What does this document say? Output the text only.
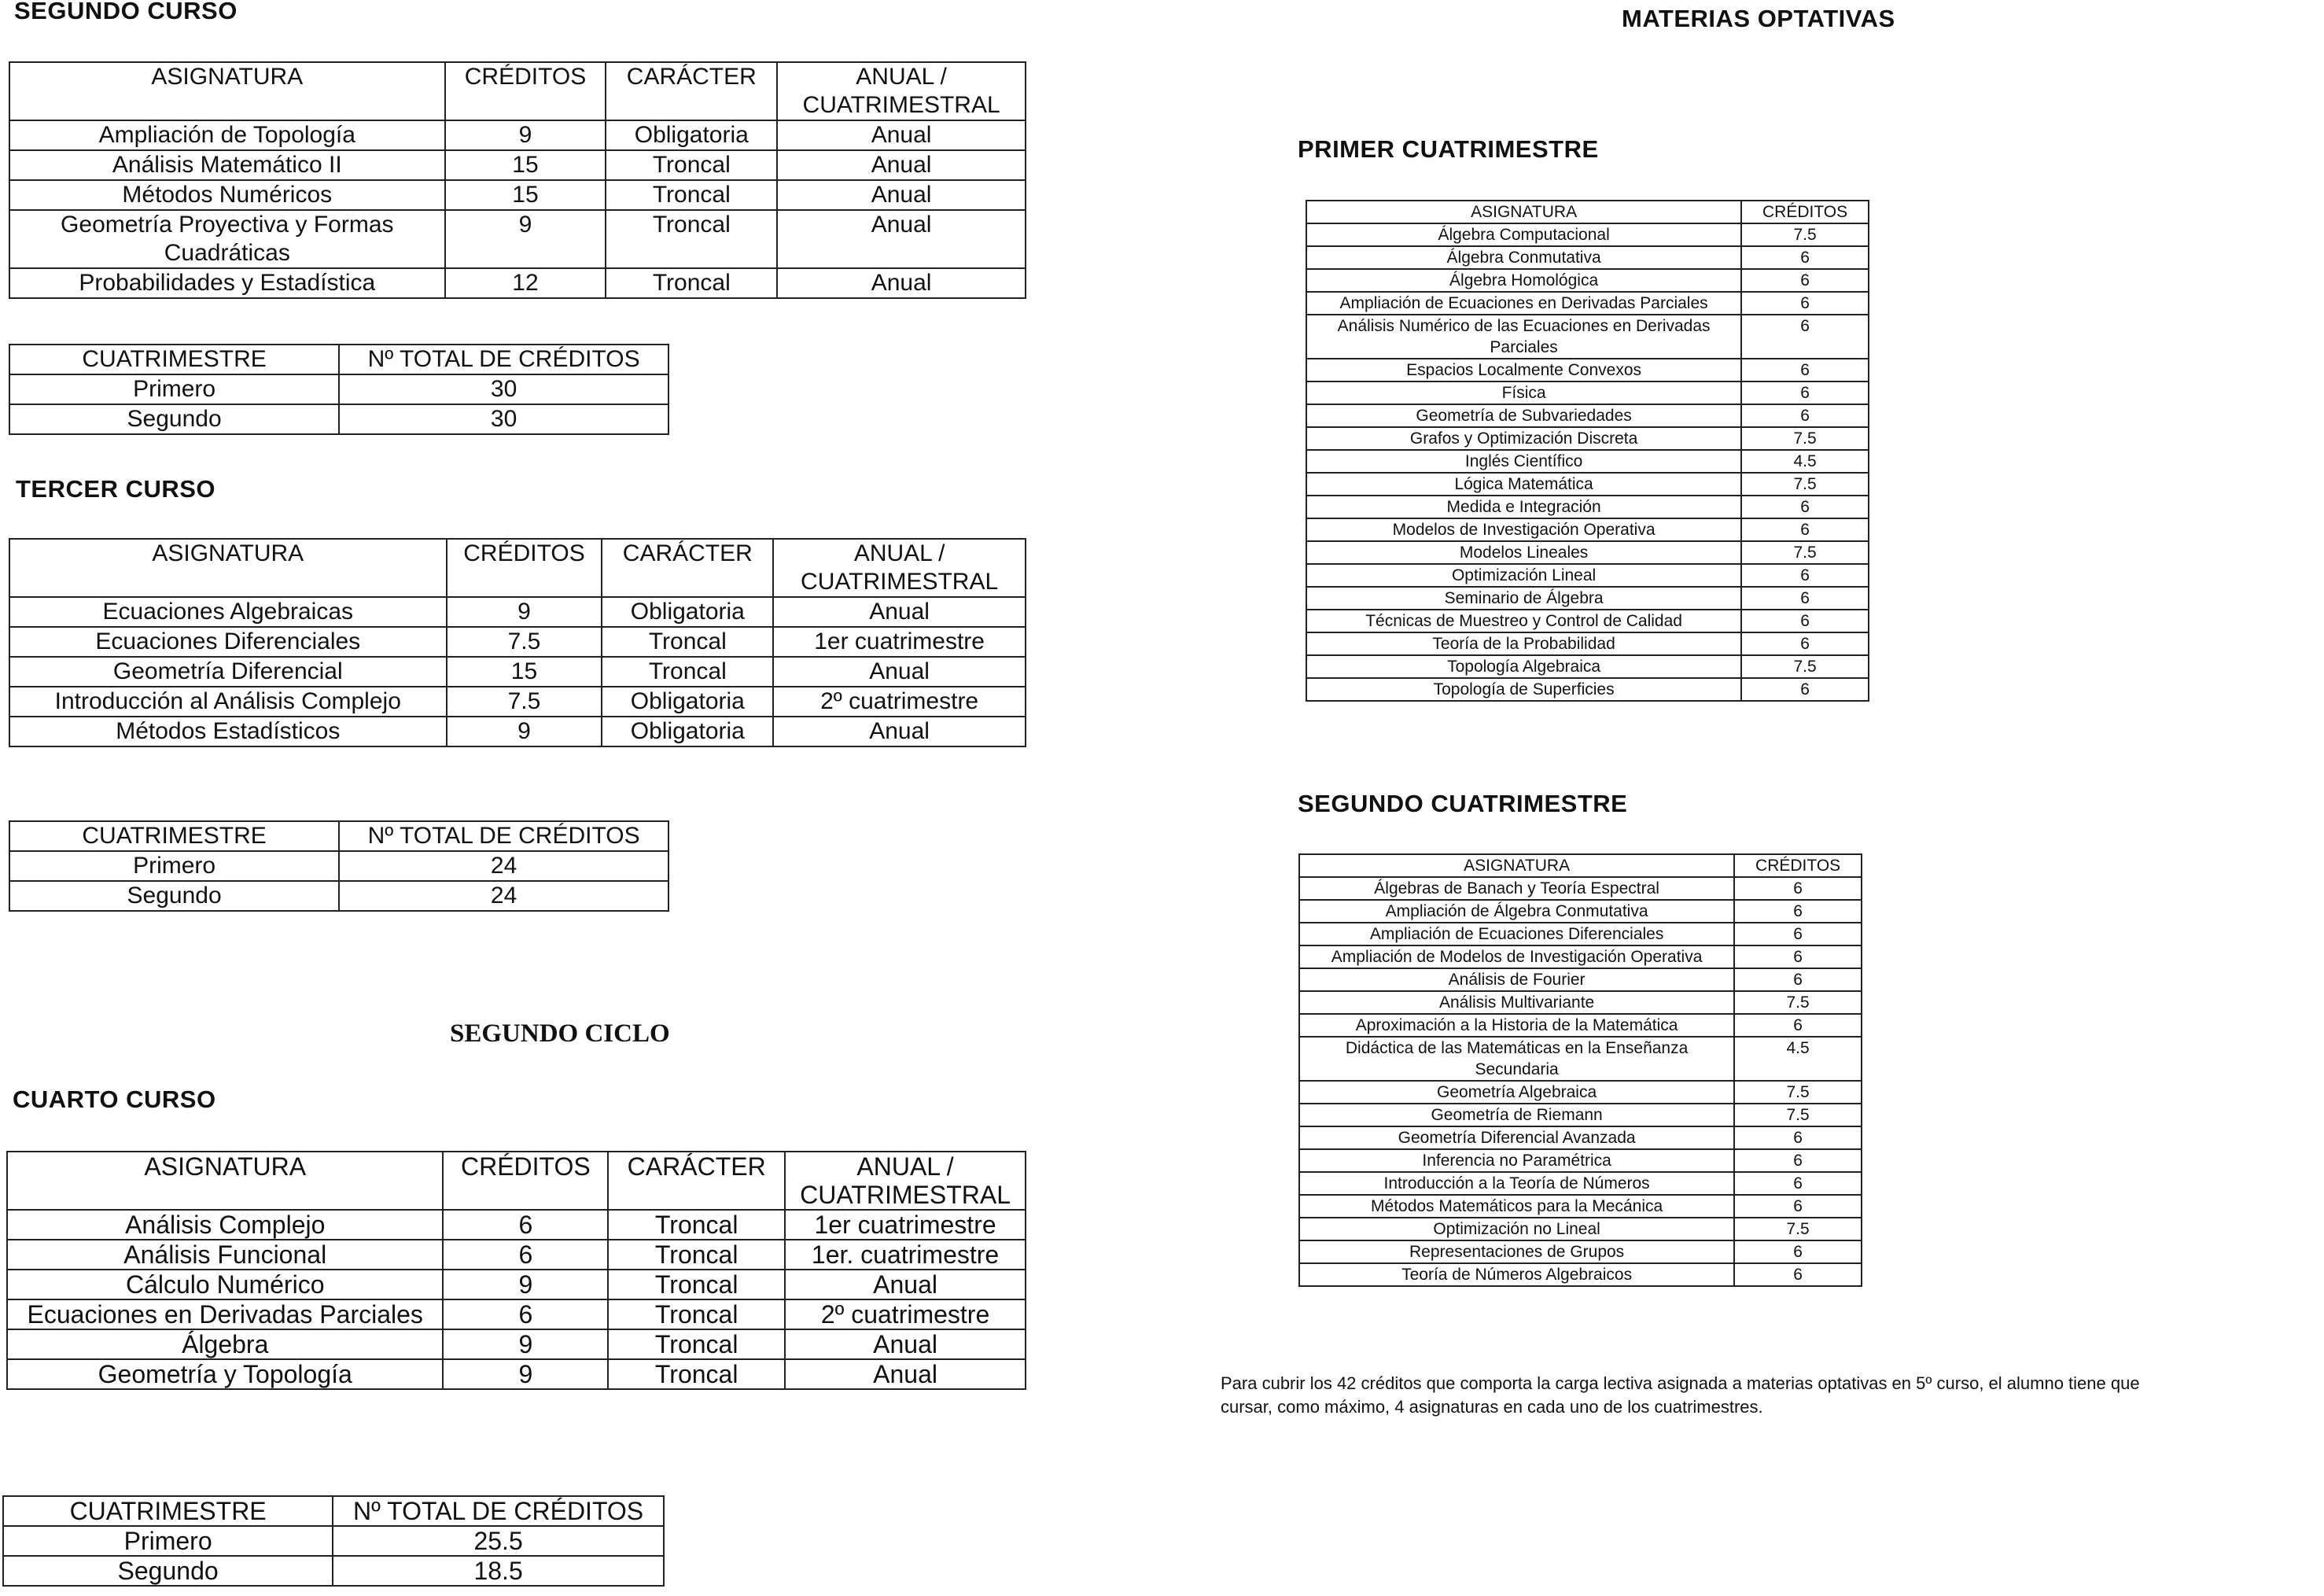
SEGUNDO CURSO
ASIGNATURA	CRÉDITOS	CARÁCTER	ANUAL / CUATRIMESTRAL
Ampliación de Topología	9	Obligatoria	Anual
Análisis Matemático II	15	Troncal	Anual
Métodos Numéricos	15	Troncal	Anual
Geometría Proyectiva y Formas Cuadráticas	9	Troncal	Anual
Probabilidades y Estadística	12	Troncal	Anual
CUATRIMESTRE	Nº TOTAL DE CRÉDITOS
Primero	30
Segundo	30
TERCER CURSO
ASIGNATURA	CRÉDITOS	CARÁCTER	ANUAL / CUATRIMESTRAL
Ecuaciones Algebraicas	9	Obligatoria	Anual
Ecuaciones Diferenciales	7.5	Troncal	1er cuatrimestre
Geometría Diferencial	15	Troncal	Anual
Introducción al Análisis Complejo	7.5	Obligatoria	2º cuatrimestre
Métodos Estadísticos	9	Obligatoria	Anual
CUATRIMESTRE	Nº TOTAL DE CRÉDITOS
Primero	24
Segundo	24
SEGUNDO CICLO
CUARTO CURSO
ASIGNATURA	CRÉDITOS	CARÁCTER	ANUAL / CUATRIMESTRAL
Análisis Complejo	6	Troncal	1er cuatrimestre
Análisis Funcional	6	Troncal	1er. cuatrimestre
Cálculo Numérico	9	Troncal	Anual
Ecuaciones en Derivadas Parciales	6	Troncal	2º cuatrimestre
Álgebra	9	Troncal	Anual
Geometría y Topología	9	Troncal	Anual
CUATRIMESTRE	Nº TOTAL DE CRÉDITOS
Primero	25.5
Segundo	18.5
MATERIAS OPTATIVAS
PRIMER CUATRIMESTRE
ASIGNATURA	CRÉDITOS
Álgebra Computacional	7.5
Álgebra Conmutativa	6
Álgebra Homológica	6
Ampliación de Ecuaciones en Derivadas Parciales	6
Análisis Numérico de las Ecuaciones en Derivadas Parciales	6
Espacios Localmente Convexos	6
Física	6
Geometría de Subvariedades	6
Grafos y Optimización Discreta	7.5
Inglés Científico	4.5
Lógica Matemática	7.5
Medida e Integración	6
Modelos de Investigación Operativa	6
Modelos Lineales	7.5
Optimización Lineal	6
Seminario de Álgebra	6
Técnicas de Muestreo y Control de Calidad	6
Teoría de la Probabilidad	6
Topología Algebraica	7.5
Topología de Superficies	6
SEGUNDO CUATRIMESTRE
ASIGNATURA	CRÉDITOS
Álgebras de Banach y Teoría Espectral	6
Ampliación de Álgebra Conmutativa	6
Ampliación de Ecuaciones Diferenciales	6
Ampliación de Modelos de Investigación Operativa	6
Análisis de Fourier	6
Análisis Multivariante	7.5
Aproximación a la Historia de la Matemática	6
Didáctica de las Matemáticas en la Enseñanza Secundaria	4.5
Geometría Algebraica	7.5
Geometría de Riemann	7.5
Geometría Diferencial Avanzada	6
Inferencia no Paramétrica	6
Introducción a la Teoría de Números	6
Métodos Matemáticos para la Mecánica	6
Optimización no Lineal	7.5
Representaciones de Grupos	6
Teoría de Números Algebraicos	6
Para cubrir los 42 créditos que comporta la carga lectiva asignada a materias optativas en 5º curso, el alumno tiene que
cursar, como máximo, 4 asignaturas en cada uno de los cuatrimestres.
